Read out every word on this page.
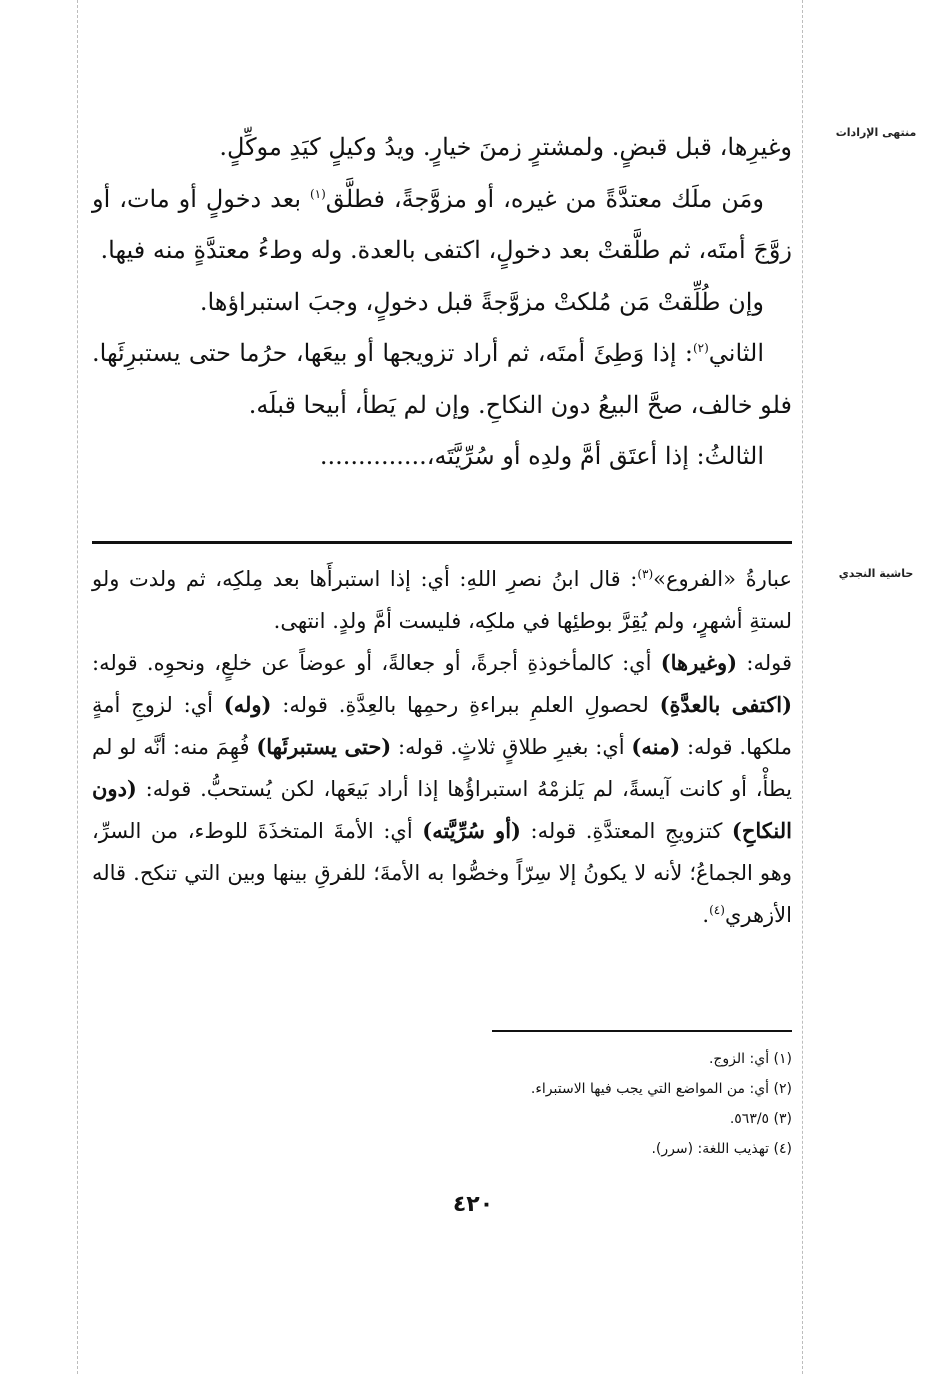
منتهى الإرادات
حاشية النجدي

وغيرِها، قبل قبضٍ. ولمشترٍ زمنَ خيارٍ. ويدُ وكيلٍ كيَدِ موكِّلٍ.

ومَن ملَك معتدَّةً من غيره، أو مزوَّجةً، فطلَّق$^{(١)}$ بعد دخولٍ أو مات، أو زوَّجَ أمتَه، ثم طلَّقتْ بعد دخولٍ، اكتفى بالعدة. وله وطءُ معتدَّةٍ منه فيها.

وإن طُلِّقتْ مَن مُلكتْ مزوَّجةً قبل دخولٍ، وجبَ استبراؤها.

الثاني$^{(٢)}$: إذا وَطِئَ أمتَه، ثم أراد تزويجها أو بيعَها، حرُما حتى يستبرِئَها. فلو خالف، صحَّ البيعُ دون النكاحِ. وإن لم يَطأ، أبيحا قبلَه.

الثالثُ: إذا أعتَق أمَّ ولدِه أو سُرِّيَّتَه،..............

عبارةُ «الفروع»$^{(٣)}$: قال ابنُ نصرِ اللهِ: أي: إذا استبرأَها بعد مِلكِه، ثم ولدت ولو لستةِ أشهرٍ، ولم يُقِرَّ بوطئِها في ملكِه، فليست أمَّ ولدٍ. انتهى.

قوله: (وغيرها) أي: كالمأخوذةِ أجرةً، أو جعالةً، أو عوضاً عن خلعٍ، ونحوِه. قوله: (اكتفى بالعدَّةِ) لحصولِ العلمِ ببراءةِ رحمِها بالعِدَّةِ. قوله: (وله) أي: لزوجِ أمةٍ ملكها. قوله: (منه) أي: بغيرِ طلاقٍ ثلاثٍ. قوله: (حتى يستبرئَها) فُهِمَ منه: أنَّه لو لم يطأْ، أو كانت آيسةً، لم يَلزمْهُ استبراؤُها إذا أراد بَيعَها، لكن يُستحبُّ. قوله: (دون النكاحِ) كتزويجِ المعتدَّةِ. قوله: (أو سُرِّيَّته) أي: الأمةَ المتخذَةَ للوطء، من السرِّ، وهو الجماعُ؛ لأنه لا يكونُ إلا سِرّاً وخصُّوا به الأمةَ؛ للفرقِ بينها وبين التي تنكح. قاله الأزهري$^{(٤)}$.

(١) أي: الزوج.
(٢) أي: من المواضع التي يجب فيها الاستبراء.
(٣) ٥٦٣/٥.
(٤) تهذيب اللغة: (سرر).
٤٢٠
